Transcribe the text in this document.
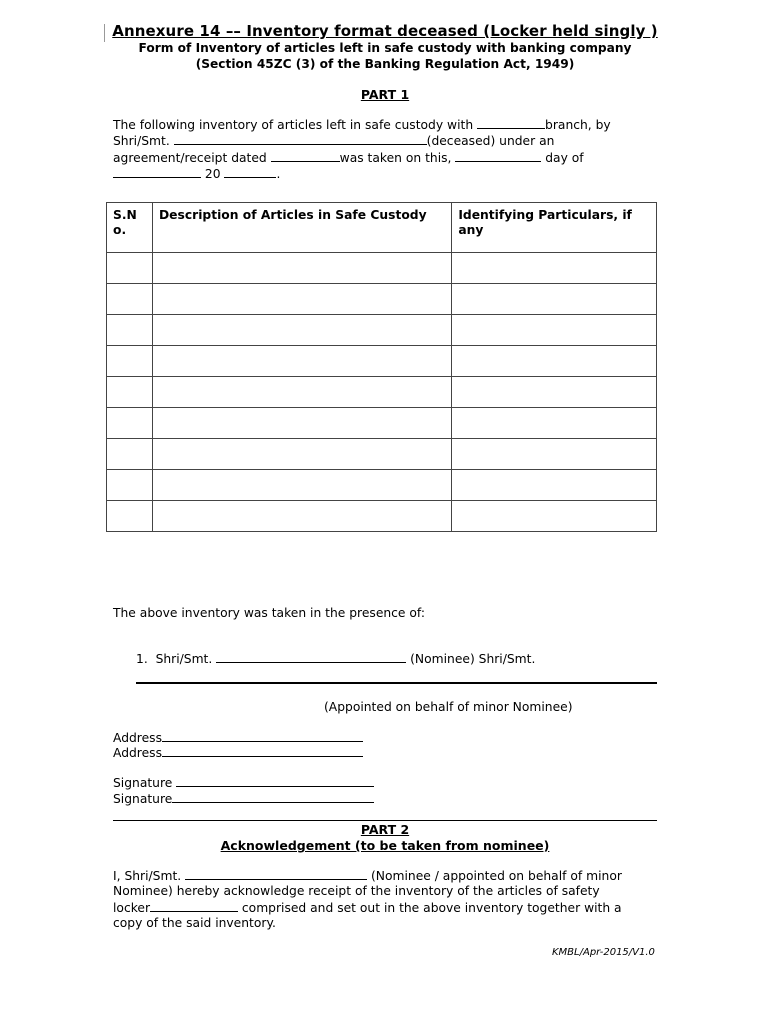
Annexure 14 –– Inventory format deceased (Locker held singly )
Form of Inventory of articles left in safe custody with banking company
(Section 45ZC (3) of the Banking Regulation Act, 1949)
PART 1
The following inventory of articles left in safe custody with	branch, by
Shri/Smt.	(deceased) under an
agreement/receipt dated	was taken on this,	day of
20	.
S.N o.	Description of Articles in Safe Custody	Identifying Particulars, if any

The above inventory was taken in the presence of:
1. Shri/Smt.	(Nominee) Shri/Smt.
(Appointed on behalf of minor Nominee)
Address
Address
Signature
Signature
PART 2
Acknowledgement (to be taken from nominee)
I, Shri/Smt.	(Nominee / appointed on behalf of minor
Nominee) hereby acknowledge receipt of the inventory of the articles of safety
locker	comprised and set out in the above inventory together with a
copy of the said inventory.
KMBL/Apr-2015/V1.0
